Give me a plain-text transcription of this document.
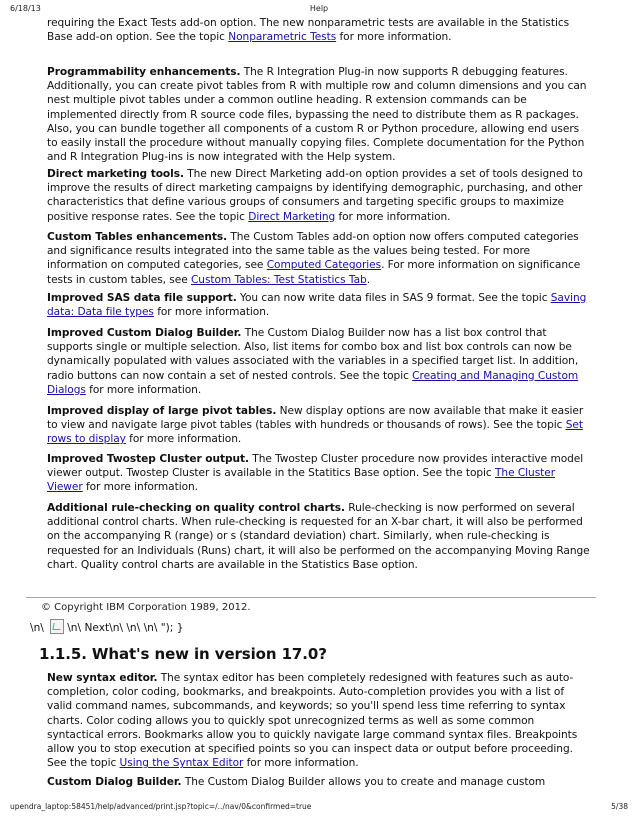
6/18/13	Help
requiring the Exact Tests add-on option. The new nonparametric tests are available in the Statistics Base add-on option. See the topic Nonparametric Tests for more information.
Programmability enhancements. The R Integration Plug-in now supports R debugging features. Additionally, you can create pivot tables from R with multiple row and column dimensions and you can nest multiple pivot tables under a common outline heading. R extension commands can be implemented directly from R source code files, bypassing the need to distribute them as R packages. Also, you can bundle together all components of a custom R or Python procedure, allowing end users to easily install the procedure without manually copying files. Complete documentation for the Python and R Integration Plug-ins is now integrated with the Help system.
Direct marketing tools. The new Direct Marketing add-on option provides a set of tools designed to improve the results of direct marketing campaigns by identifying demographic, purchasing, and other characteristics that define various groups of consumers and targeting specific groups to maximize positive response rates. See the topic Direct Marketing for more information.
Custom Tables enhancements. The Custom Tables add-on option now offers computed categories and significance results integrated into the same table as the values being tested. For more information on computed categories, see Computed Categories. For more information on significance tests in custom tables, see Custom Tables: Test Statistics Tab.
Improved SAS data file support. You can now write data files in SAS 9 format. See the topic Saving data: Data file types for more information.
Improved Custom Dialog Builder. The Custom Dialog Builder now has a list box control that supports single or multiple selection. Also, list items for combo box and list box controls can now be dynamically populated with values associated with the variables in a specified target list. In addition, radio buttons can now contain a set of nested controls. See the topic Creating and Managing Custom Dialogs for more information.
Improved display of large pivot tables. New display options are now available that make it easier to view and navigate large pivot tables (tables with hundreds or thousands of rows). See the topic Set rows to display for more information.
Improved Twostep Cluster output. The Twostep Cluster procedure now provides interactive model viewer output. Twostep Cluster is available in the Statitics Base option. See the topic The Cluster Viewer for more information.
Additional rule-checking on quality control charts. Rule-checking is now performed on several additional control charts. When rule-checking is requested for an X-bar chart, it will also be performed on the accompanying R (range) or s (standard deviation) chart. Similarly, when rule-checking is requested for an Individuals (Runs) chart, it will also be performed on the accompanying Moving Range chart. Quality control charts are available in the Statistics Base option.
© Copyright IBM Corporation 1989, 2012.
\n\ \n\ Next\n\ \n\ \n\ "); }
1.1.5. What's new in version 17.0?
New syntax editor. The syntax editor has been completely redesigned with features such as auto-completion, color coding, bookmarks, and breakpoints. Auto-completion provides you with a list of valid command names, subcommands, and keywords; so you'll spend less time referring to syntax charts. Color coding allows you to quickly spot unrecognized terms as well as some common syntactical errors. Bookmarks allow you to quickly navigate large command syntax files. Breakpoints allow you to stop execution at specified points so you can inspect data or output before proceeding. See the topic Using the Syntax Editor for more information.
Custom Dialog Builder. The Custom Dialog Builder allows you to create and manage custom
upendra_laptop:58451/help/advanced/print.jsp?topic=/../nav/0&confirmed=true	5/38
